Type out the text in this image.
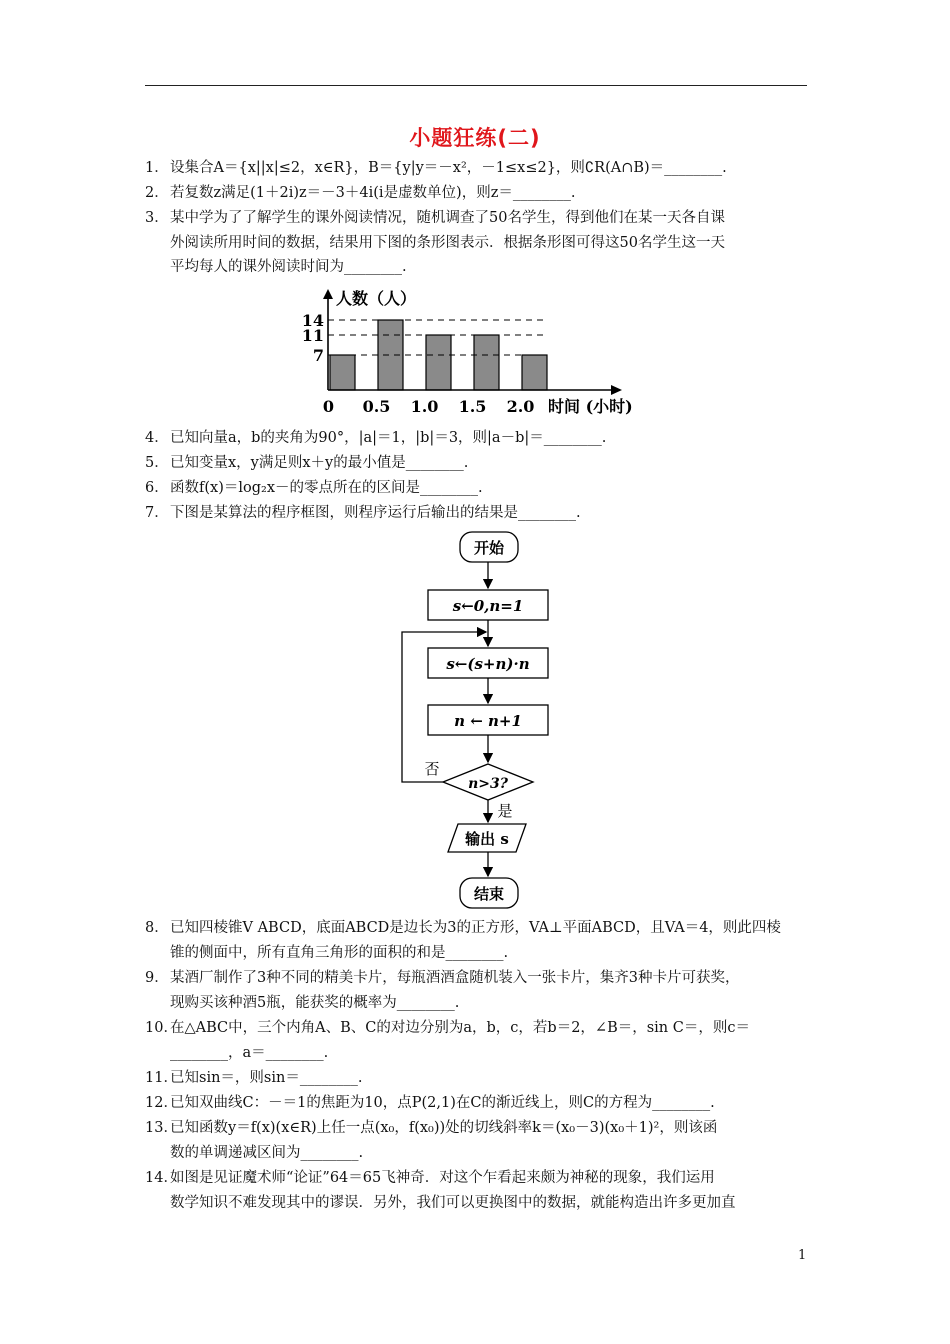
小题狂练(二)
1．设集合A＝{x||x|≤2，x∈R}，B＝{y|y＝－x²，－1≤x≤2}，则∁R(A∩B)＝________.
2．若复数z满足(1＋2i)z＝－3＋4i(i是虚数单位)，则z＝________.
3．某中学为了了解学生的课外阅读情况，随机调查了50名学生，得到他们在某一天各自课

外阅读所用时间的数据，结果用下图的条形图表示．根据条形图可得这50名学生这一天
平均每人的课外阅读时间为________.
4．已知向量a，b的夹角为90°，|a|＝1，|b|＝3，则|a－b|＝________.
5．已知变量x，y满足则x＋y的最小值是________.
6．函数f(x)＝log₂x－的零点所在的区间是________.
7．下图是某算法的程序框图，则程序运行后输出的结果是________.
8．已知四棱锥V ABCD，底面ABCD是边长为3的正方形，VA⊥平面ABCD，且VA＝4，则此四棱

锥的侧面中，所有直角三角形的面积的和是________.
9．某酒厂制作了3种不同的精美卡片，每瓶酒酒盒随机装入一张卡片，集齐3种卡片可获奖，

现购买该种酒5瓶，能获奖的概率为________.
10．在△ABC中，三个内角A、B、C的对边分别为a，b，c，若b＝2，∠B＝，sin C＝，则c＝

________，a＝________.
11．已知sin＝，则sin＝________.
12．已知双曲线C：－＝1的焦距为10，点P(2,1)在C的渐近线上，则C的方程为________.
13．已知函数y＝f(x)(x∈R)上任一点(x₀，f(x₀))处的切线斜率k＝(x₀－3)(x₀＋1)²，则该函

数的单调递减区间为________.
14．如图是见证魔术师“论证”64＝65飞神奇．对这个乍看起来颇为神秘的现象，我们运用

数学知识不难发现其中的谬误．另外，我们可以更换图中的数据，就能构造出许多更加直
7
11
14
0 0.5 1.0 1.5 2.0
人数（人）
时间 (小时)
开始
s←0,n=1
s←(s+n)·n
n ← n+1
n>3?
输出 s
结束
否
是
1
